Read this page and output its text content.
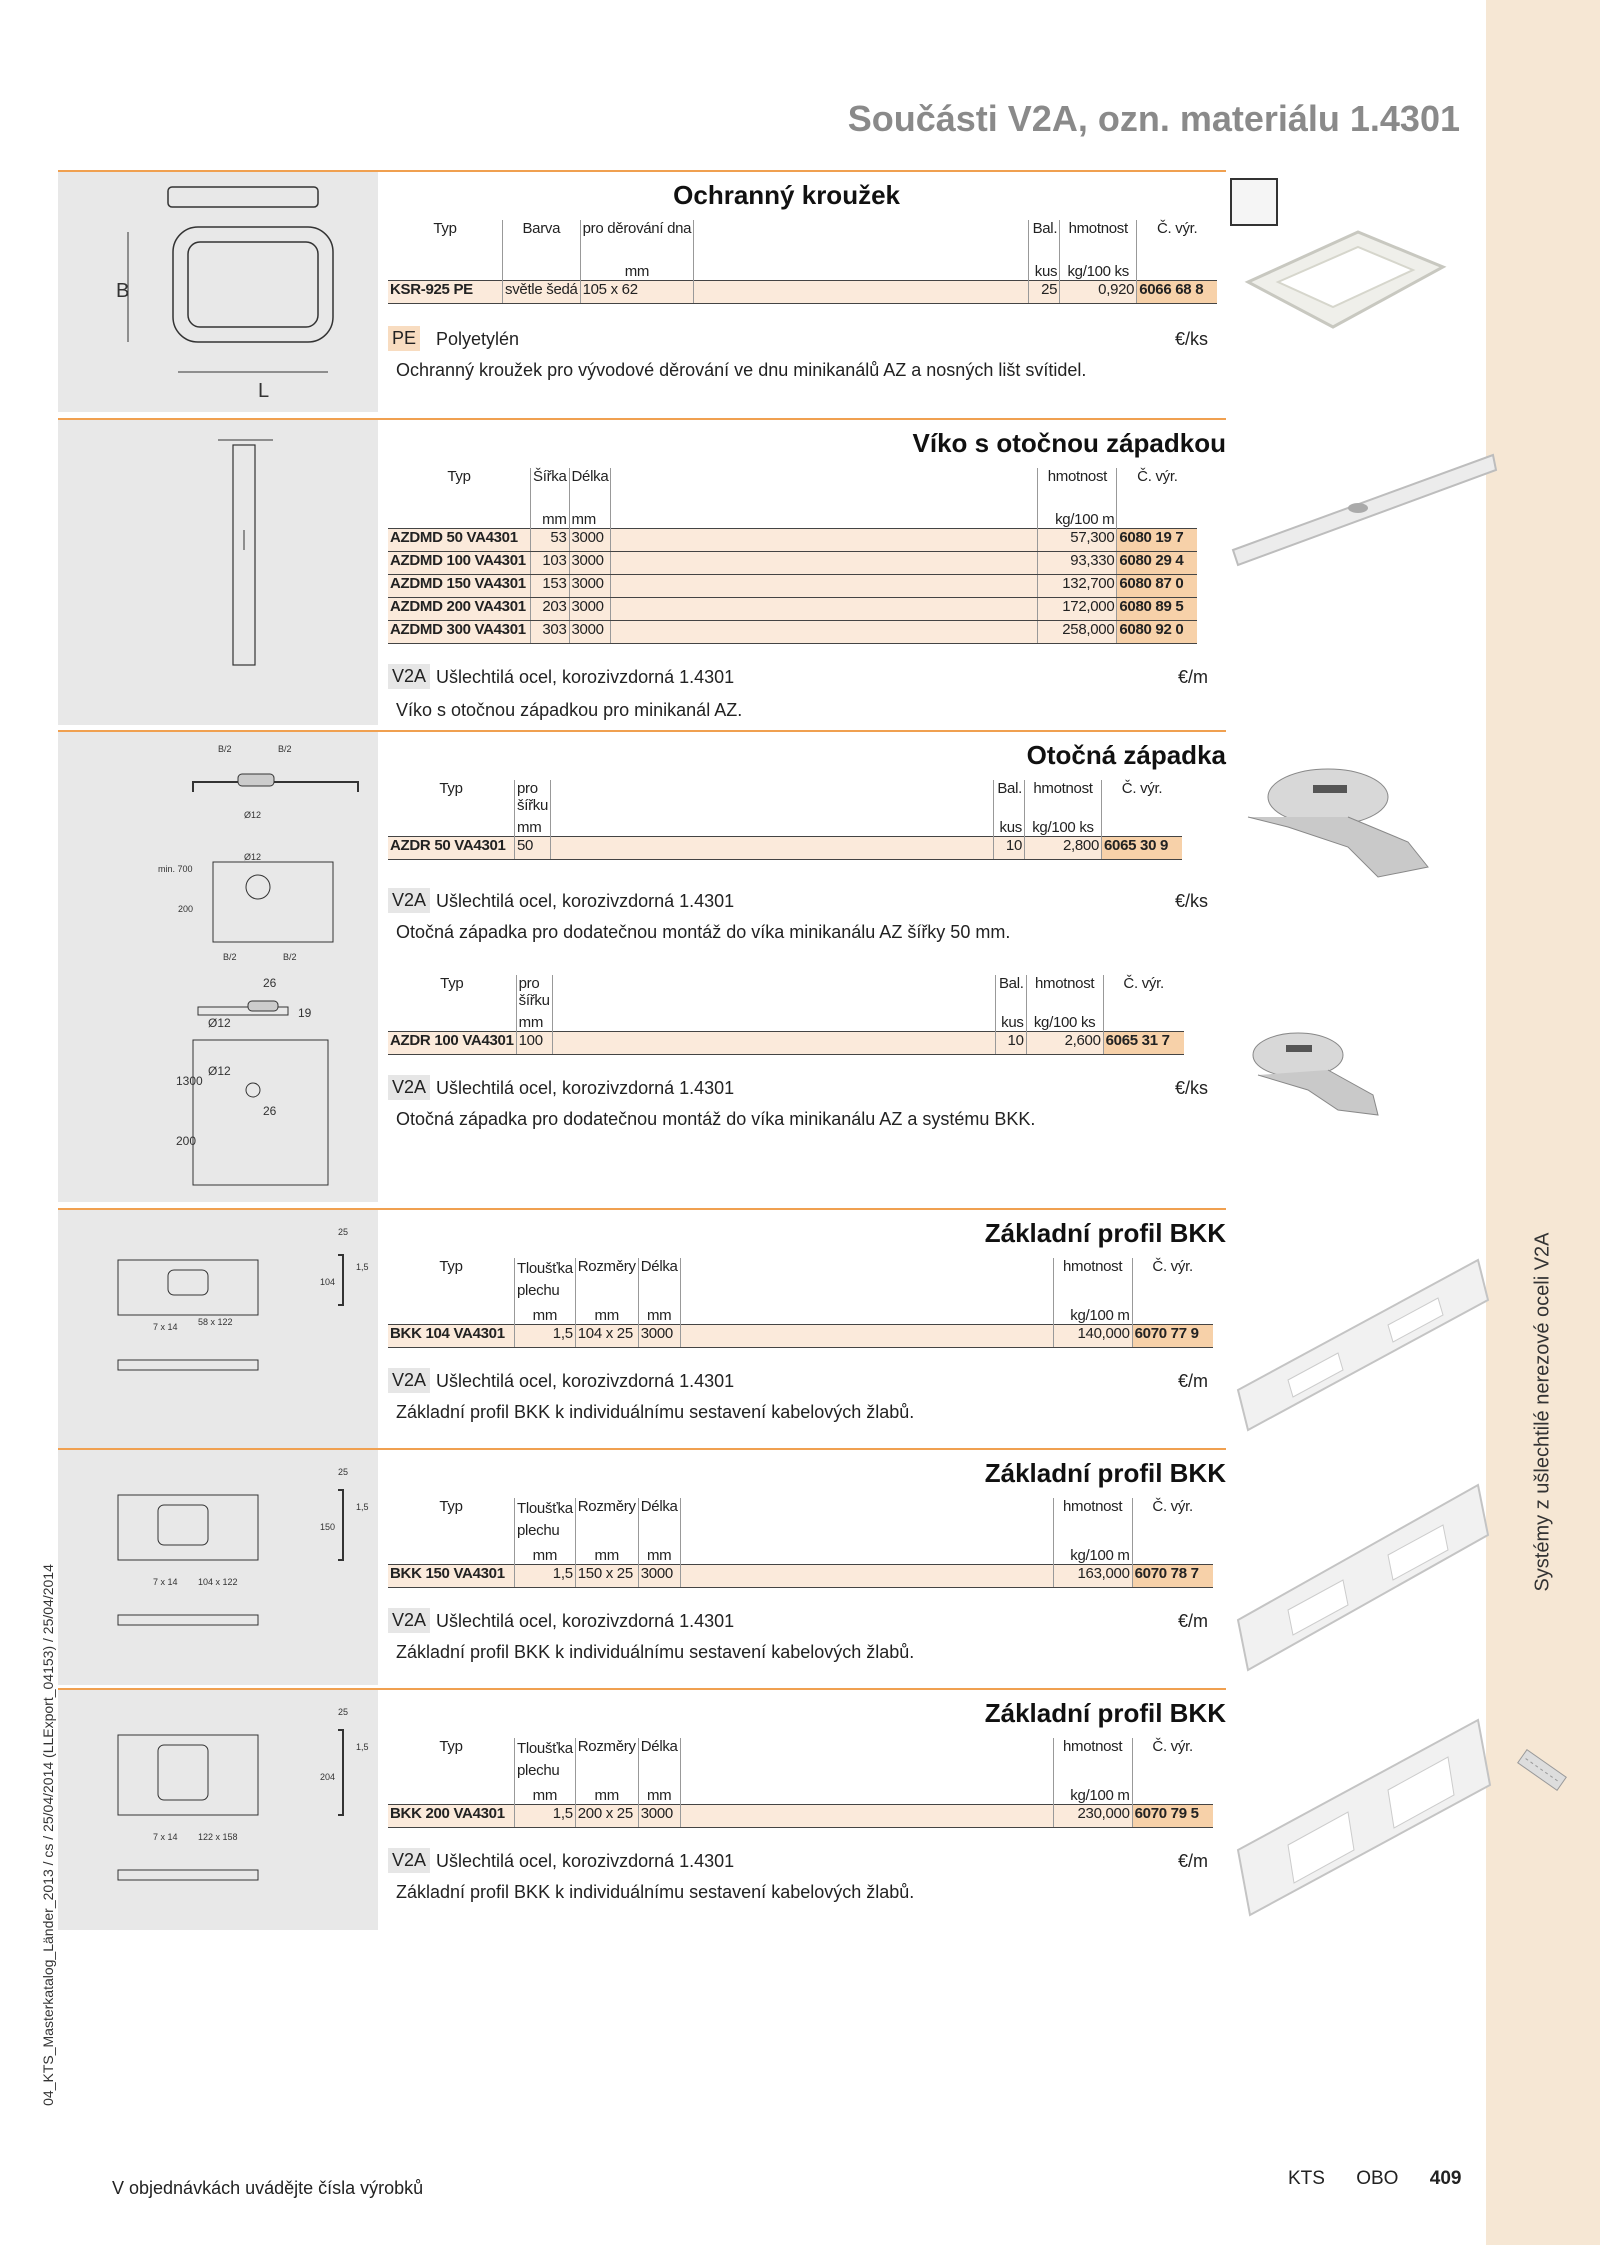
Systémy z ušlechtilé nerezové oceli V2A
Součásti V2A, ozn. materiálu 1.4301
04_KTS_Masterkatalog_Länder_2013 / cs / 25/04/2014 (LLExport_04153) / 25/04/2014
B
L
Ochranný kroužek
Typ	Barva	pro děrování dna		Bal.	hmotnost	Č. výr.
		mm		kus	kg/100 ks	
KSR-925 PE	světle šedá	105 x 62		25	0,920	6066 68 8
PE Polyetylén	€/ks
Ochranný kroužek pro vývodové děrování ve dnu minikanálů AZ a nosných lišt svítidel.
Víko s otočnou západkou
Typ	Šířka	Délka		hmotnost	Č. výr.
	mm	mm		kg/100 m	
AZDMD 50 VA4301	53	3000		57,300	6080 19 7
AZDMD 100 VA4301	103	3000		93,330	6080 29 4
AZDMD 150 VA4301	153	3000		132,700	6080 87 0
AZDMD 200 VA4301	203	3000		172,000	6080 89 5
AZDMD 300 VA4301	303	3000		258,000	6080 92 0
V2A Ušlechtilá ocel, korozivzdorná 1.4301	€/m
Víko s otočnou západkou pro minikanál AZ.
B/2	B/2
Ø12
Ø12
B/2	B/2
200
min. 700
Otočná západka
Typ	pro šířku		Bal.	hmotnost	Č. výr.
	mm		kus	kg/100 ks	
AZDR 50 VA4301	50		10	2,800	6065 30 9
V2A Ušlechtilá ocel, korozivzdorná 1.4301	€/ks
Otočná západka pro dodatečnou montáž do víka minikanálu AZ šířky 50 mm.
26
Ø12
19
1300
Ø12
26
200
Typ	pro šířku		Bal.	hmotnost	Č. výr.
	mm		kus	kg/100 ks	
AZDR 100 VA4301	100		10	2,600	6065 31 7
V2A Ušlechtilá ocel, korozivzdorná 1.4301	€/ks
Otočná západka pro dodatečnou montáž do víka minikanálu AZ a systému BKK.
7 x 14 58 x 122
25
104
1,5
Základní profil BKK
Typ	Tloušťka plechu	Rozměry	Délka		hmotnost	Č. výr.
	mm	mm	mm		kg/100 m	
BKK 104 VA4301	1,5	104 x 25	3000		140,000	6070 77 9
V2A Ušlechtilá ocel, korozivzdorná 1.4301	€/m
Základní profil BKK k individuálnímu sestavení kabelových žlabů.
7 x 14 104 x 122
25
150
1,5
Základní profil BKK
Typ	Tloušťka plechu	Rozměry	Délka		hmotnost	Č. výr.
	mm	mm	mm		kg/100 m	
BKK 150 VA4301	1,5	150 x 25	3000		163,000	6070 78 7
V2A Ušlechtilá ocel, korozivzdorná 1.4301	€/m
Základní profil BKK k individuálnímu sestavení kabelových žlabů.
7 x 14 122 x 158
25
204
1,5
Základní profil BKK
Typ	Tloušťka plechu	Rozměry	Délka		hmotnost	Č. výr.
	mm	mm	mm		kg/100 m	
BKK 200 VA4301	1,5	200 x 25	3000		230,000	6070 79 5
V2A Ušlechtilá ocel, korozivzdorná 1.4301	€/m
Základní profil BKK k individuálnímu sestavení kabelových žlabů.
V objednávkách uvádějte čísla výrobků	KTS OBO 409
